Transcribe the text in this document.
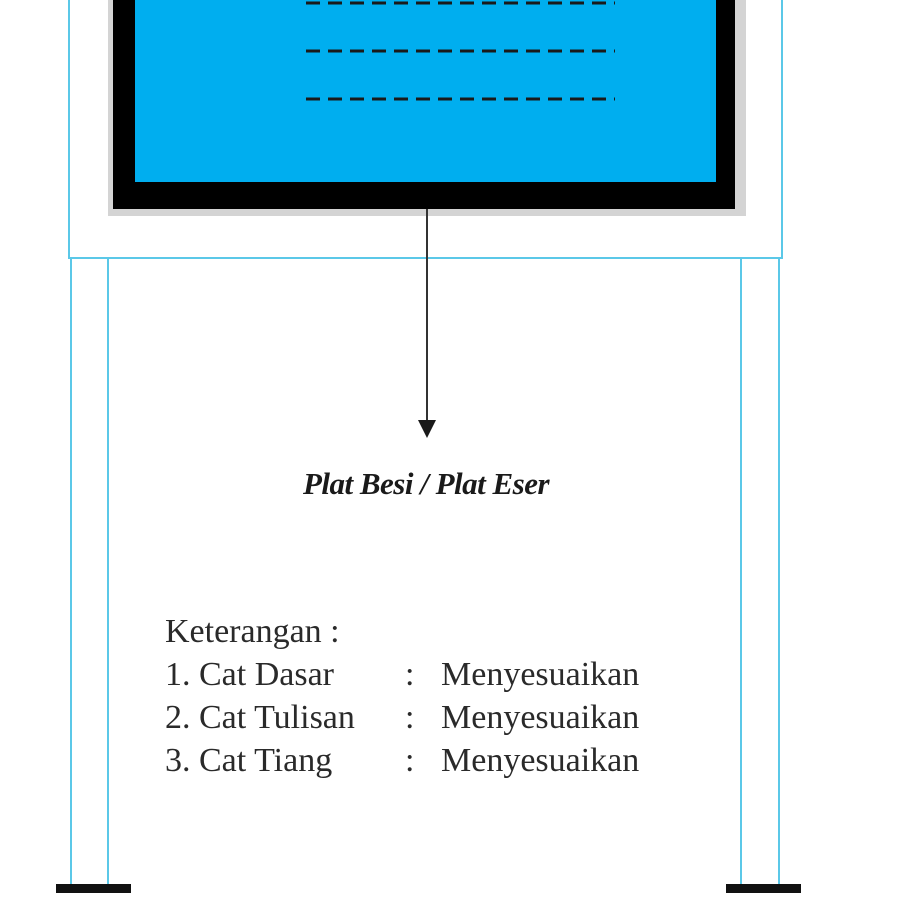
Plat Besi / Plat Eser
Keterangan :
1. Cat Dasar : Menyesuaikan
2. Cat Tulisan : Menyesuaikan
3. Cat Tiang : Menyesuaikan
